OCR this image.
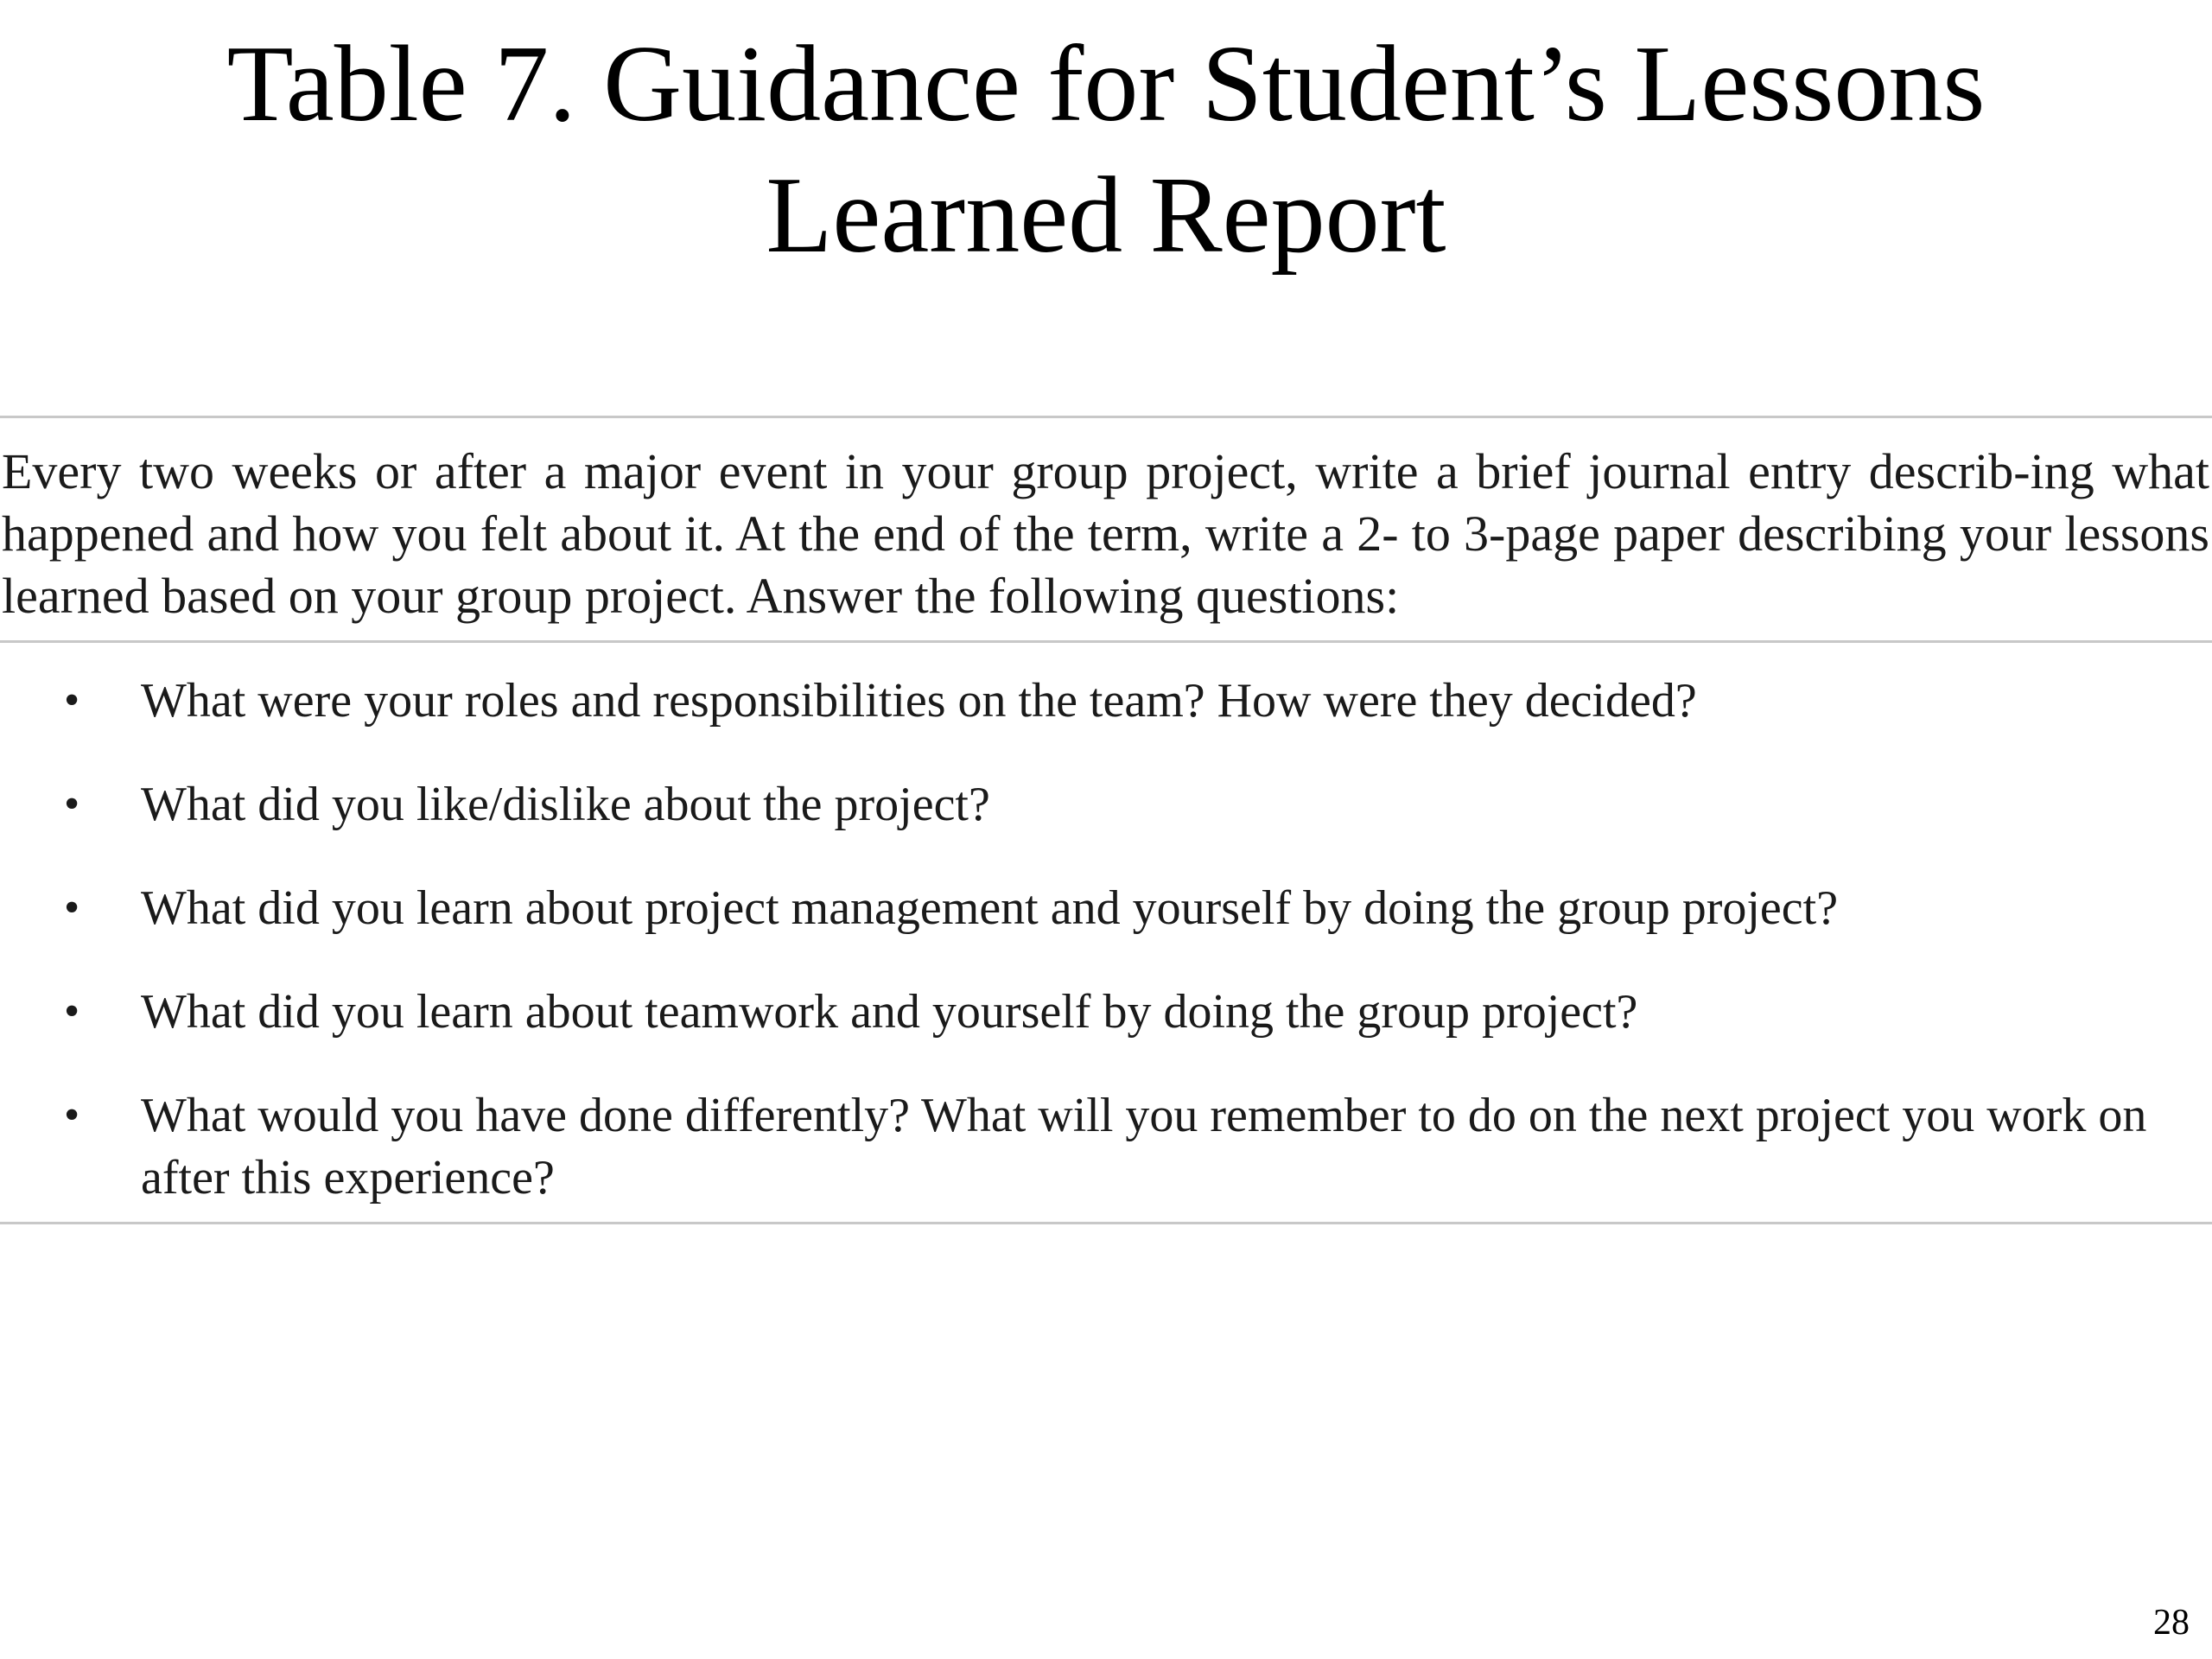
Table 7. Guidance for Student’s Lessons
Learned Report

Every two weeks or after a major event in your group project, write a brief journal entry describ-ing what happened and how you felt about it. At the end of the term, write a 2- to 3-page paper describing your lessons learned based on your group project. Answer the following questions:

• What were your roles and responsibilities on the team? How were they decided?
• What did you like/dislike about the project?
• What did you learn about project management and yourself by doing the group project?
• What did you learn about teamwork and yourself by doing the group project?
• What would you have done differently? What will you remember to do on the next project you work on after this experience?
28
